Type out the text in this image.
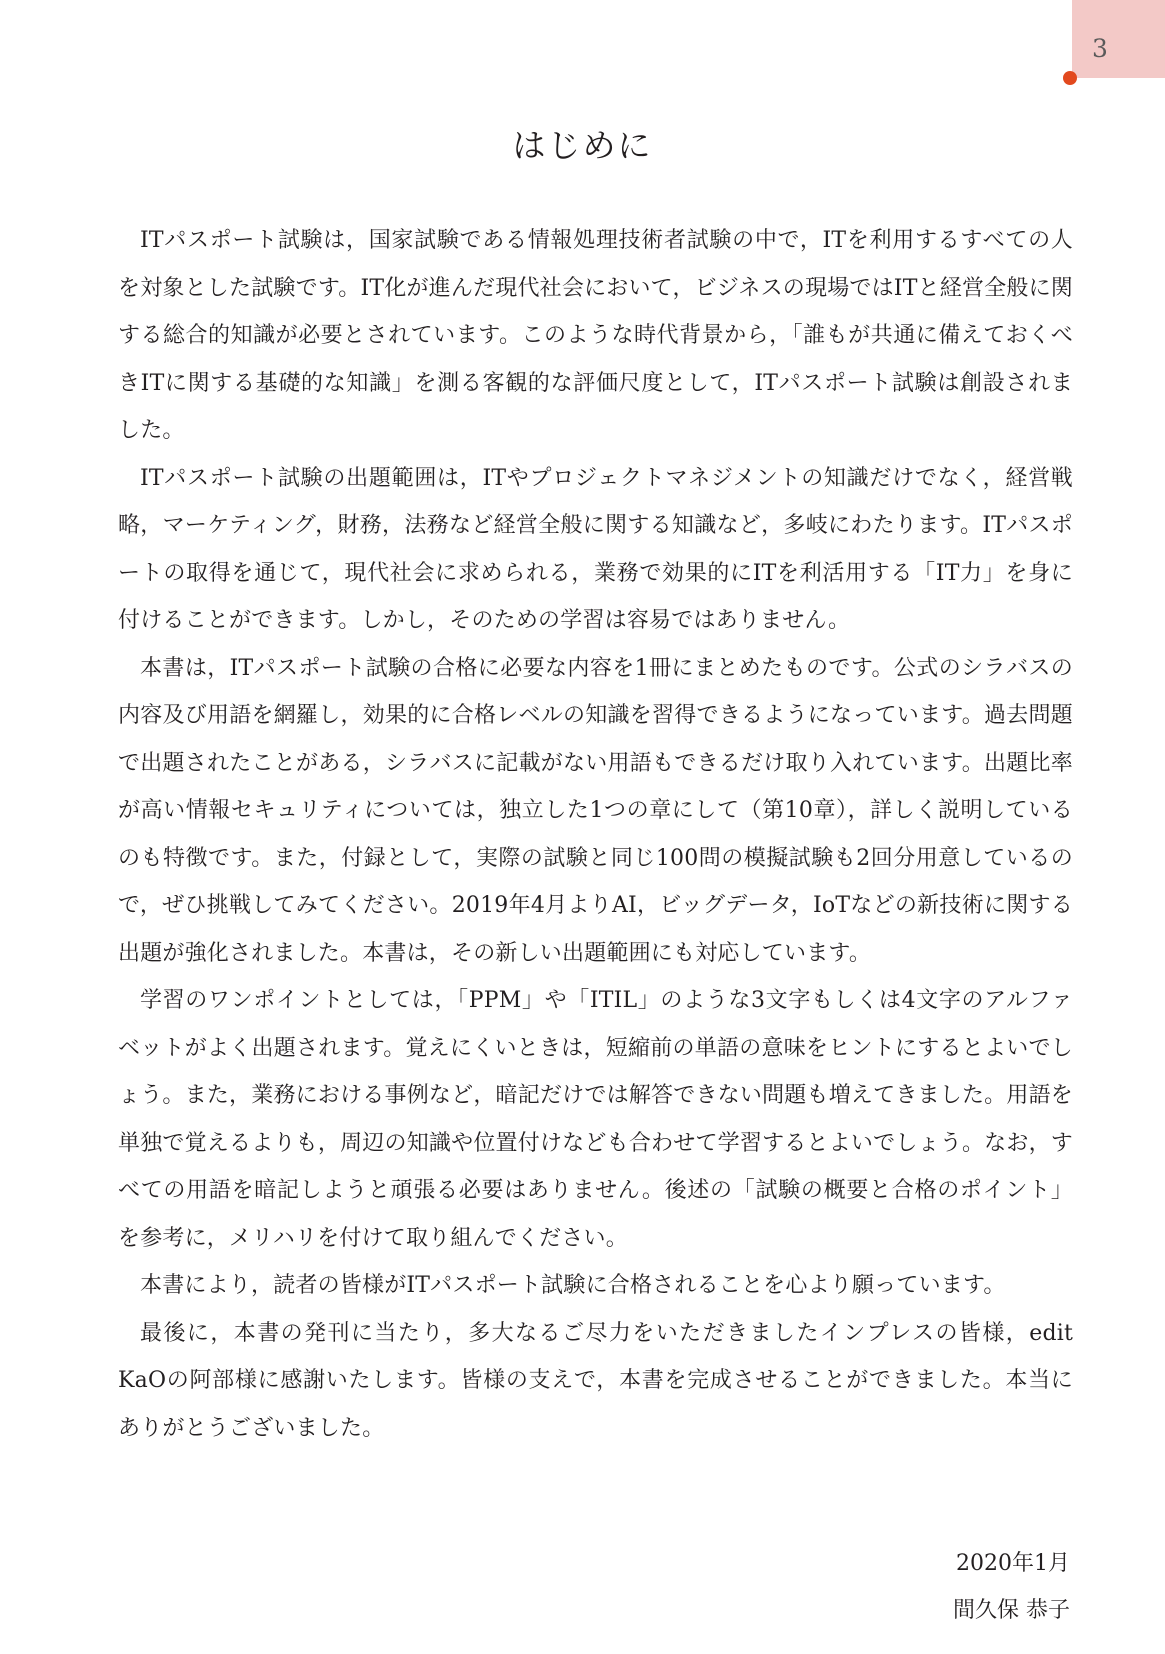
3
はじめに

ITパスポート試験は，国家試験である情報処理技術者試験の中で，ITを利用するすべての人を対象とした試験です。IT化が進んだ現代社会において，ビジネスの現場ではITと経営全般に関する総合的知識が必要とされています。このような時代背景から，「誰もが共通に備えておくべきITに関する基礎的な知識」を測る客観的な評価尺度として，ITパスポート試験は創設されました。

ITパスポート試験の出題範囲は，ITやプロジェクトマネジメントの知識だけでなく，経営戦略，マーケティング，財務，法務など経営全般に関する知識など，多岐にわたります。ITパスポートの取得を通じて，現代社会に求められる，業務で効果的にITを利活用する「IT力」を身に付けることができます。しかし，そのための学習は容易ではありません。

本書は，ITパスポート試験の合格に必要な内容を1冊にまとめたものです。公式のシラバスの内容及び用語を網羅し，効果的に合格レベルの知識を習得できるようになっています。過去問題で出題されたことがある，シラバスに記載がない用語もできるだけ取り入れています。出題比率が高い情報セキュリティについては，独立した1つの章にして（第10章），詳しく説明しているのも特徴です。また，付録として，実際の試験と同じ100問の模擬試験も2回分用意しているので，ぜひ挑戦してみてください。2019年4月よりAI，ビッグデータ，IoTなどの新技術に関する出題が強化されました。本書は，その新しい出題範囲にも対応しています。

学習のワンポイントとしては，「PPM」や「ITIL」のような3文字もしくは4文字のアルファベットがよく出題されます。覚えにくいときは，短縮前の単語の意味をヒントにするとよいでしょう。また，業務における事例など，暗記だけでは解答できない問題も増えてきました。用語を単独で覚えるよりも，周辺の知識や位置付けなども合わせて学習するとよいでしょう。なお，すべての用語を暗記しようと頑張る必要はありません。後述の「試験の概要と合格のポイント」を参考に，メリハリを付けて取り組んでください。

本書により，読者の皆様がITパスポート試験に合格されることを心より願っています。

最後に，本書の発刊に当たり，多大なるご尽力をいただきましたインプレスの皆様，edit KaOの阿部様に感謝いたします。皆様の支えで，本書を完成させることができました。本当にありがとうございました。

2020年1月
間久保 恭子
